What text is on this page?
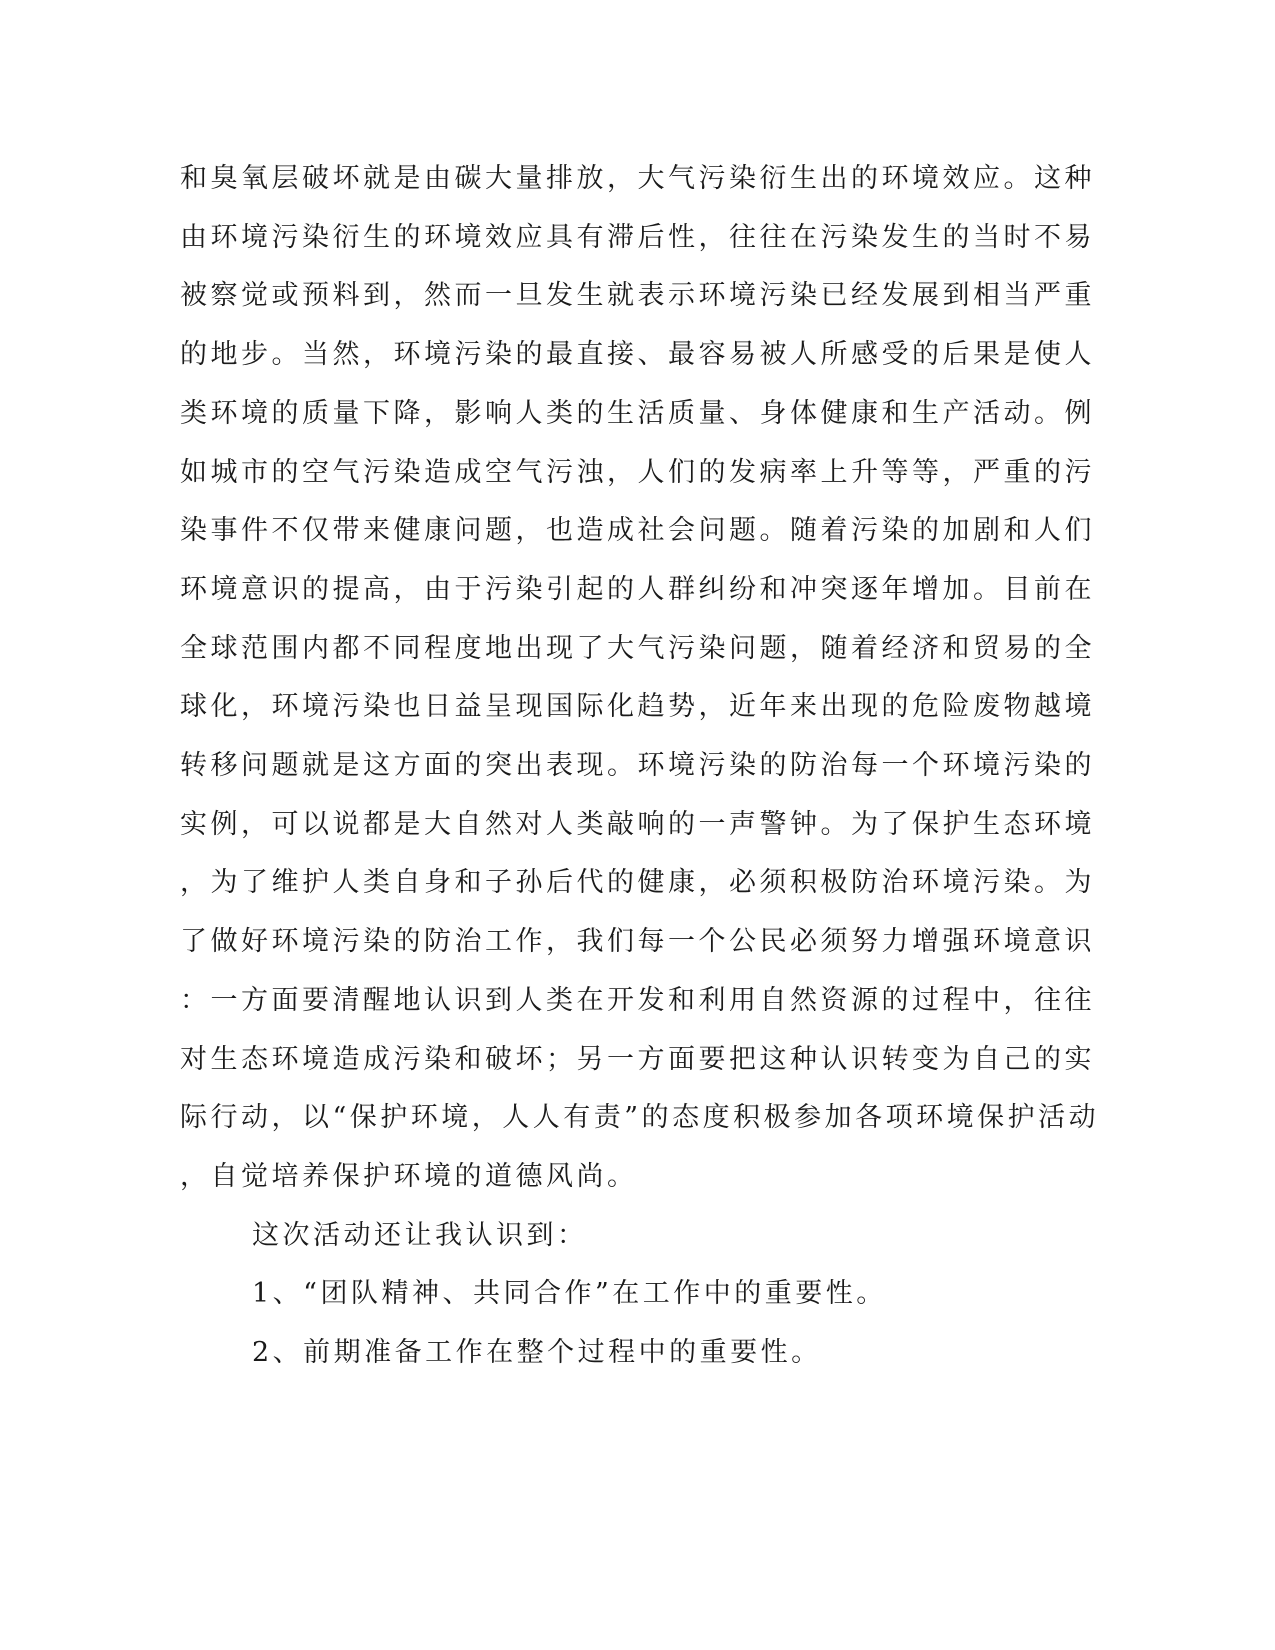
和臭氧层破坏就是由碳大量排放，大气污染衍生出的环境效应。这种
由环境污染衍生的环境效应具有滞后性，往往在污染发生的当时不易
被察觉或预料到，然而一旦发生就表示环境污染已经发展到相当严重
的地步。当然，环境污染的最直接、最容易被人所感受的后果是使人
类环境的质量下降，影响人类的生活质量、身体健康和生产活动。例
如城市的空气污染造成空气污浊，人们的发病率上升等等，严重的污
染事件不仅带来健康问题，也造成社会问题。随着污染的加剧和人们
环境意识的提高，由于污染引起的人群纠纷和冲突逐年增加。目前在
全球范围内都不同程度地出现了大气污染问题，随着经济和贸易的全
球化，环境污染也日益呈现国际化趋势，近年来出现的危险废物越境
转移问题就是这方面的突出表现。环境污染的防治每一个环境污染的
实例，可以说都是大自然对人类敲响的一声警钟。为了保护生态环境
，为了维护人类自身和子孙后代的健康，必须积极防治环境污染。为
了做好环境污染的防治工作，我们每一个公民必须努力增强环境意识
：一方面要清醒地认识到人类在开发和利用自然资源的过程中，往往
对生态环境造成污染和破坏；另一方面要把这种认识转变为自己的实
际行动，以“保护环境，人人有责”的态度积极参加各项环境保护活动
，自觉培养保护环境的道德风尚。

这次活动还让我认识到：

1、“团队精神、共同合作”在工作中的重要性。

2、前期准备工作在整个过程中的重要性。
